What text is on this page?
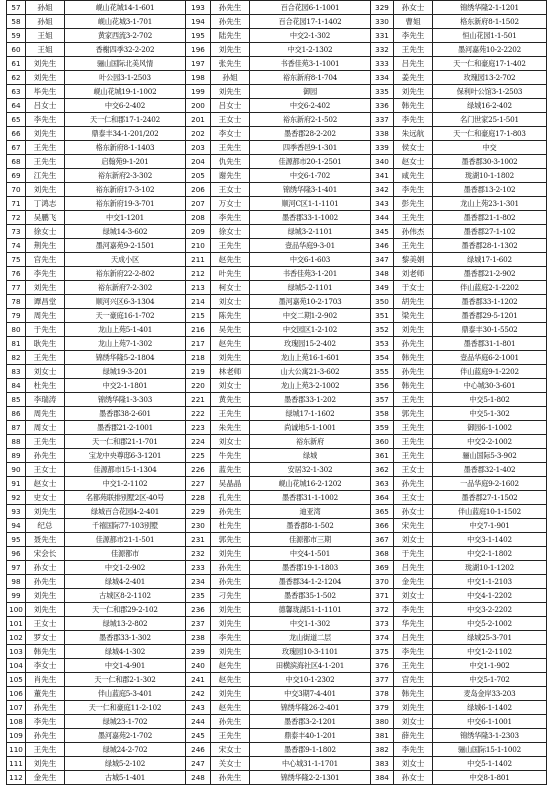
57	孙姐	岘山花城14-1-601	193	孙先生	百合花园6-1-1001	329	孙女士	锦绣华隆2-1-1201
58	孙姐	岘山花城3-1-701	194	孙先生	百合花园17-1-1402	330	曹姐	格东新府8-1-1502
59	王姐	黄家西流3-2-702	195	陆先生	中交2-1-302	331	李先生	恒山花园1-1-501
60	王姐	香榭四季32-2-202	196	刘先生	中交1-2-1302	332	王先生	墨河嘉苑10-2-2202
61	刘先生	骊山国际北美风情	197	张先生	书香佳苑3-1-1001	333	吕先生	天一仁和豪庭17-1-402
62	刘先生	叶公园3-1-2503	198	孙姐	裕东新府8-1-704	334	姜先生	玫瑰园13-2-702
63	毕先生	岘山花城19-1-1002	199	刘先生	御园	335	刘先生	保利叶公馆3-1-2503
64	吕女士	中交6-2-402	200	吕女士	中交6-2-402	336	韩先生	绿城16-2-402
65	李先生	天一仁和郡17-1-2402	201	王女士	裕东新府2-1-502	337	李先生	名门世家25-1-501
66	刘先生	鼎泰丰34-1-201/202	202	李女士	墨香郡28-2-202	338	朱远航	天一仁和豪庭17-1-803
67	王先生	格东新府8-1-1403	203	王先生	四季香邑9-1-301	339	侯女士	中交
68	王先生	启翰苑9-1-201	204	仇先生	佳源都市20-1-2501	340	赵女士	墨香郡30-3-1002
69	江先生	裕东新府2-3-302	205	谢先生	中交6-1-702	341	咸先生	珑湖10-1-1802
70	刘先生	裕东新府17-3-102	206	王女士	锦绣华隆3-1-401	342	李先生	墨香郡13-2-102
71	丁鸿志	裕东新府19-3-701	207	万女士	顺河C区1-1-1101	343	彭先生	龙山上苑23-1-301
72	吴鹏飞	中交1-1201	208	李先生	墨香郡33-1-1002	344	王先生	墨香郡21-1-802
73	徐女士	绿城14-3-602	209	徐女士	绿城3-2-1101	345	孙伟杰	墨香郡27-1-102
74	荆先生	墨河嘉苑9-2-1501	210	王先生	壹品华庭9-3-01	346	王先生	墨香郡28-1-1302
75	宫先生	天成小区	211	赵先生	中交6-1-603	347	黎美娟	绿城17-1-602
76	李先生	裕东新府22-2-802	212	叶先生	书香佳苑3-1-201	348	刘老师	墨香郡21-2-902
77	刘先生	裕东新府7-2-302	213	柯女士	绿城5-2-1101	349	于女士	伴山蓝庭2-1-2202
78	谭昌堂	顺河兴区6-3-1304	214	刘女士	墨河嘉苑10-2-1703	350	胡先生	墨香郡33-1-1202
79	周先生	天一豪庭16-1-702	215	陈先生	中交二期1-2-902	351	梁先生	墨香郡29-5-1201
80	于先生	龙山上苑5-1-401	216	吴先生	中交园区1-2-102	352	刘先生	鼎泰丰30-1-5502
81	耿先生	龙山上苑7-1-302	217	赵先生	玫瑰园15-2-402	353	孙先生	墨香郡31-1-801
82	王先生	锦绣华隆5-2-1804	218	刘先生	龙山上苑16-1-601	354	韩先生	壹品华庭6-2-1001
83	刘女士	绿城19-3-201	219	林老师	山大公寓21-3-602	355	孙先生	伴山蓝庭9-1-2202
84	杜先生	中交2-1-1801	220	刘女士	龙山上苑3-2-1002	356	韩先生	中心城30-3-601
85	李瑞涛	锦绣华隆1-3-303	221	黄先生	墨香郡33-1-202	357	王先生	中交5-1-802
86	周先生	墨香郡38-2-601	222	王先生	绿城17-1-1602	358	郭先生	中交5-1-302
87	周女士	墨香郡21-2-1001	223	朱先生	尚诚地5-1-1001	359	王先生	御园6-1-1002
88	王先生	天一仁和郡21-1-701	224	刘女士	裕东新府	360	王先生	中交2-2-1002
89	孙先生	宝龙中央尊邸6-3-1201	225	牛先生	绿城	361	王先生	骊山国际5-3-902
90	王女士	佳源都市15-1-1304	226	蓝先生	安居32-1-302	362	王女士	墨香郡32-1-402
91	赵女士	中交1-2-1102	227	吴晶晶	岘山花城16-2-1202	363	孙先生	一品华庭9-2-1602
92	史女士	名都苑联排别墅2区-40号	228	孔先生	墨香郡31-1-1002	364	王女士	墨香郡27-1-1502
93	刘先生	绿城百合花园4-2-401	229	孙先生	迪亚湾	365	孙女士	伴山蓝庭10-1-1502
94	纪总	千禧国际77-103别墅	230	杜先生	墨香郡8-1-502	366	宋先生	中交7-1-901
95	聂先生	佳源都市21-1-501	231	郭先生	佳源都市三期	367	刘女士	中交3-1-1402
96	宋会长	佳源都市	232	刘先生	中交4-1-501	368	于先生	中交2-1-1802
97	孙女士	中交1-2-902	233	孙先生	墨香郡19-1-1803	369	吕先生	珑湖10-1-1202
98	孙先生	绿城4-2-401	234	孙先生	墨香郡34-1-2-1204	370	金先生	中交1-1-2103
99	刘先生	古城区8-2-1102	235	刁先生	墨香郡35-1-502	371	刘女士	中交4-1-2202
100	刘先生	天一仁和郡29-2-102	236	刘先生	德馨珑湖51-1-1101	372	李先生	中交3-2-2202
101	王女士	绿城13-2-802	237	刘先生	中交1-1-302	373	华先生	中交5-2-1002
102	罗女士	墨香郡33-1-302	238	李先生	龙山街道二层	374	吕先生	绿城25-3-701
103	韩先生	绿城4-1-302	239	刘先生	玫瑰园10-3-1101	375	李先生	中交1-2-1102
104	李女士	中交1-4-901	240	赵先生	田横滨海社区4-1-201	376	王先生	中交1-1-902
105	肖先生	天一仁和郡2-1-302	241	赵先生	中交10-1-2302	377	宫先生	中交5-1-702
106	董先生	伴山蓝庭5-3-401	242	刘先生	中交3期7-4-401	378	韩先生	麦岛金岸33-203
107	孙先生	天一仁和豪庭11-2-102	243	赵先生	锦绣华隆26-2-401	379	刘先生	绿城6-1-1402
108	李先生	绿城23-1-702	244	孙先生	墨香郡3-2-1201	380	刘女士	中交6-1-1001
109	孙先生	墨河嘉苑2-1-702	245	王先生	鼎泰丰40-1-201	381	薛先生	锦绣华隆3-1-2303
110	王先生	绿城24-2-702	246	宋女士	墨香郡9-1-1802	382	李先生	骊山国际15-1-1002
111	刘先生	绿城5-2-102	247	关女士	中心城31-1-1701	383	刘女士	中交5-1-1402
112	金先生	古城5-1-401	248	孙先生	锦绣华隆2-2-1301	384	孙女士	中交8-1-801
